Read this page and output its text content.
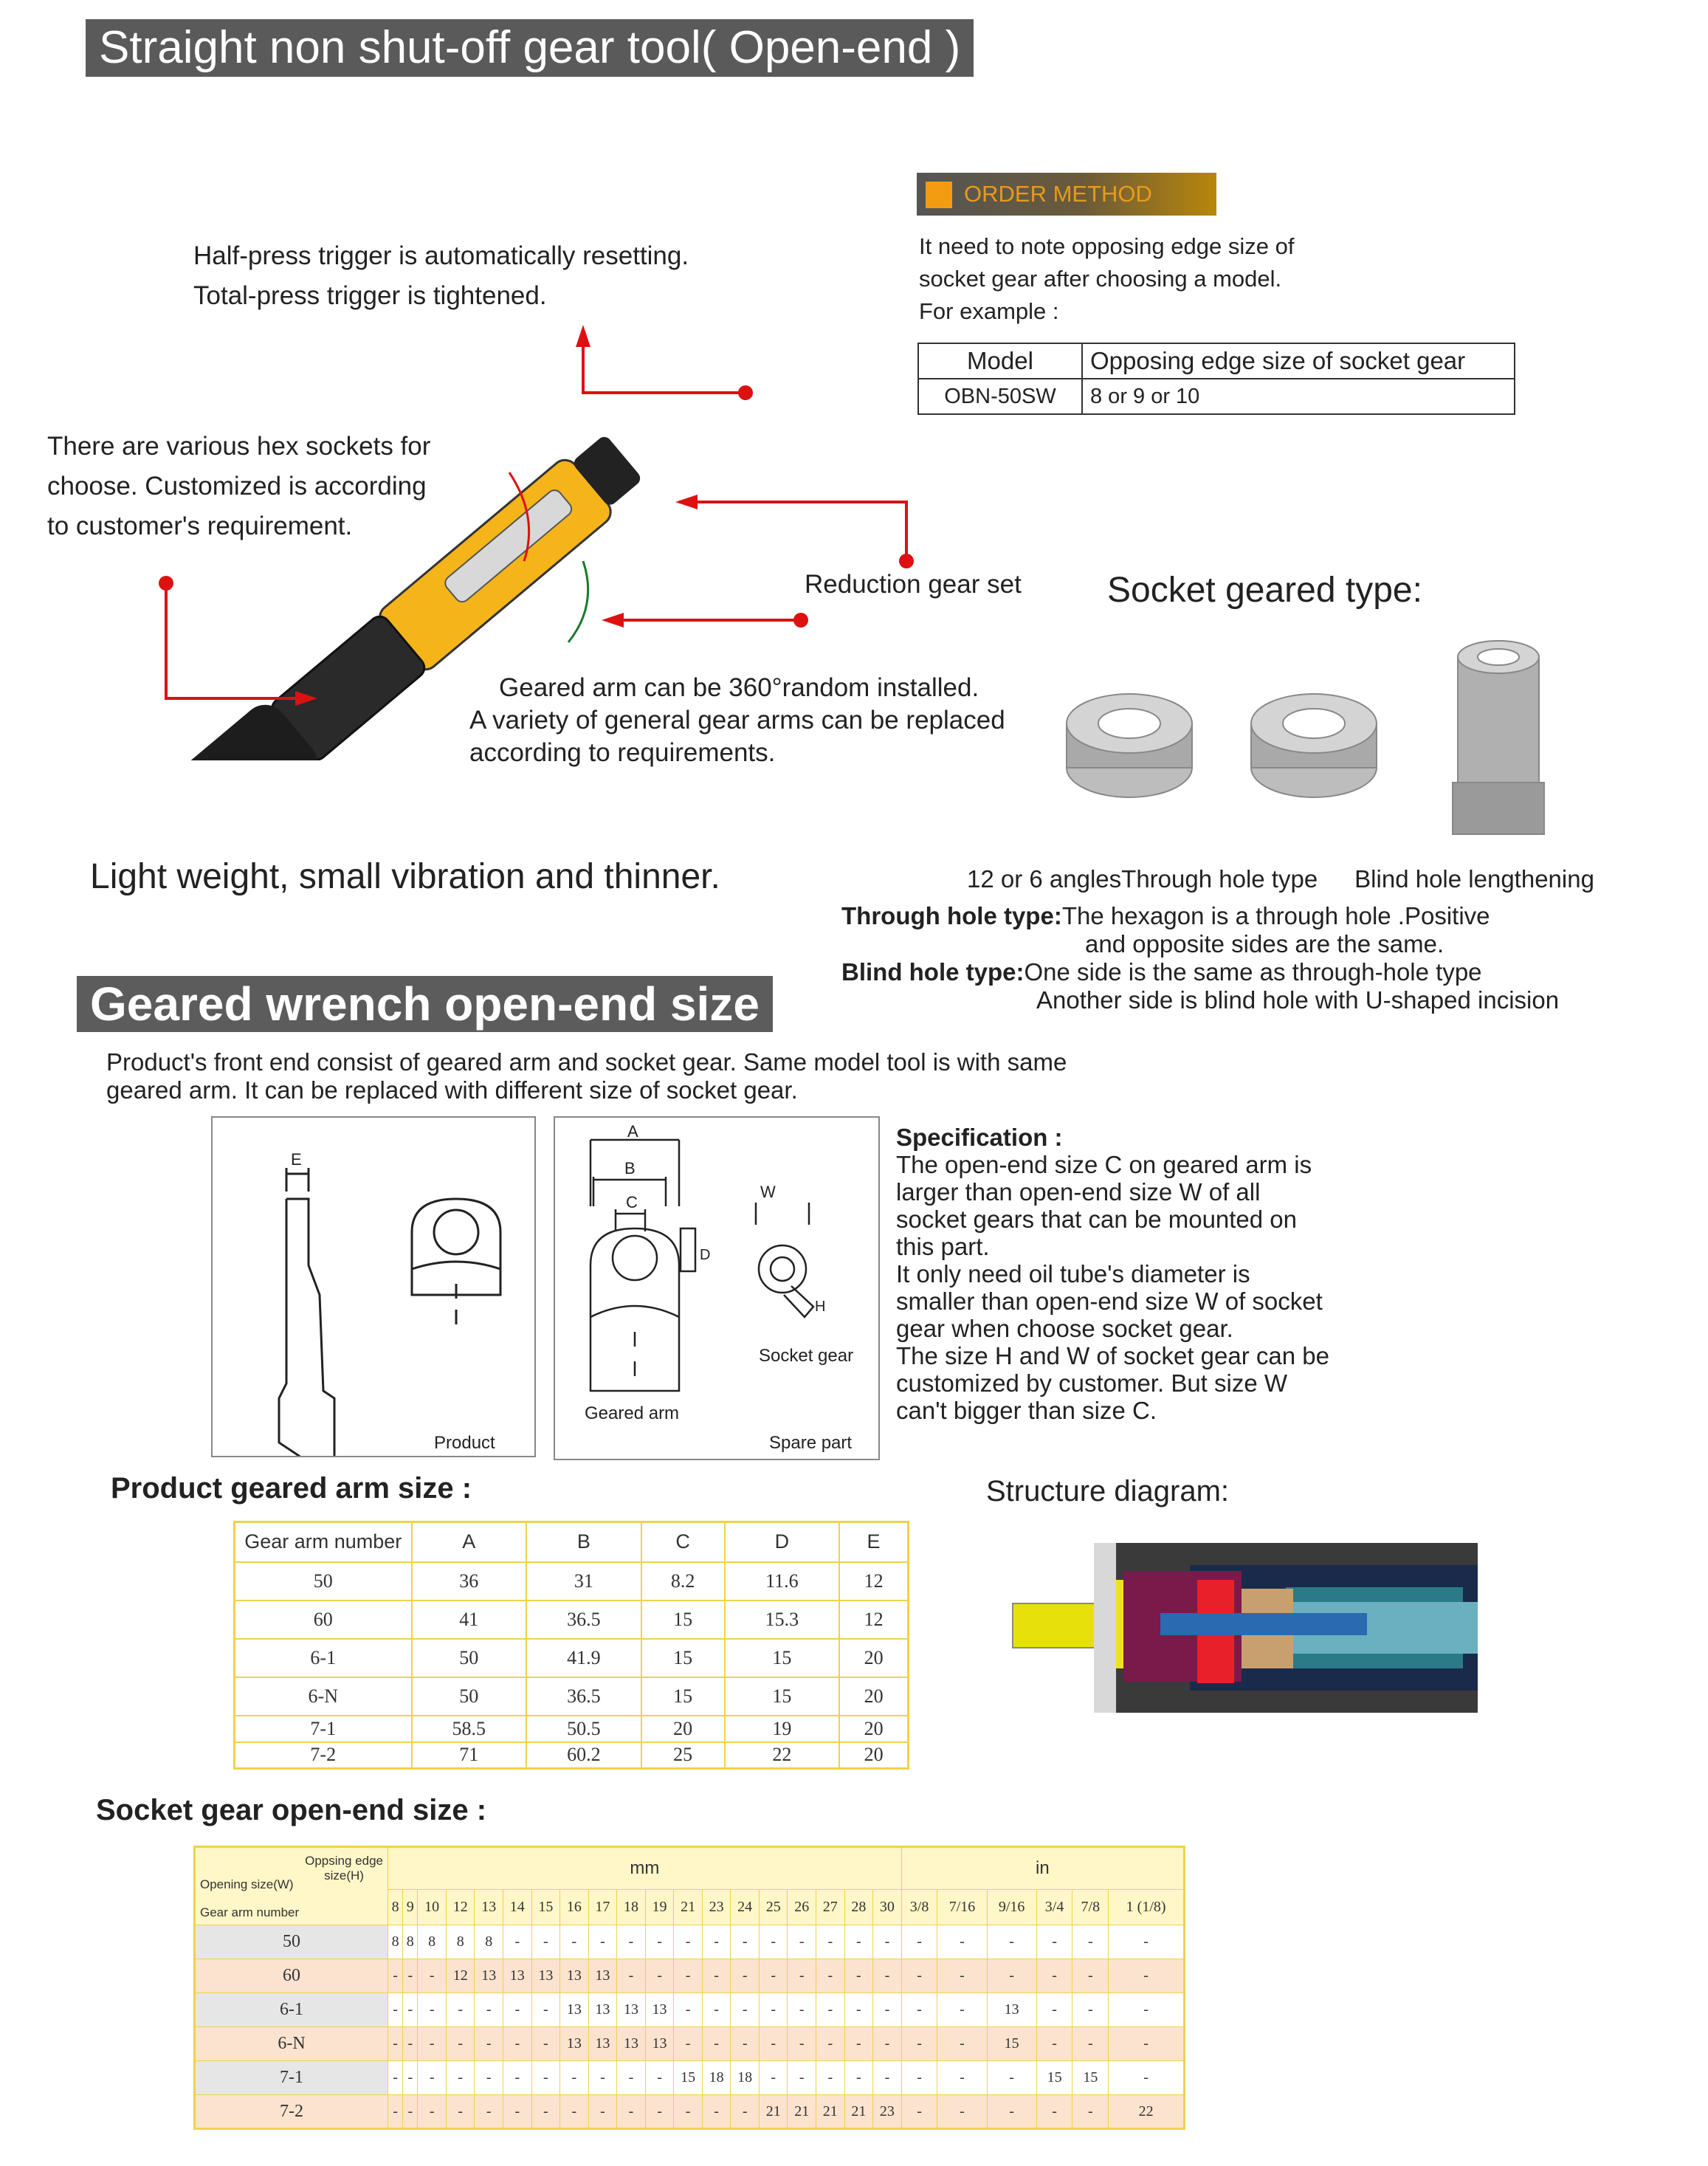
Straight non shut-off gear tool( Open-end )
ORDER METHOD
It need to note opposing edge size of
socket gear after choosing a model.
For example :
Model	Opposing edge size of socket gear
OBN-50SW	8 or 9 or 10
Half-press trigger is automatically resetting.
Total-press trigger is tightened.
There are various hex sockets for
choose. Customized is according
to customer's requirement.
Reduction gear set
Geared arm can be 360°random installed.
A variety of general gear arms can be replaced
according to requirements.
Light weight, small vibration and thinner.
Socket geared type:
12 or 6 anglesThrough hole type Blind hole lengthening
Through hole type:The hexagon is a through hole .Positive
and opposite sides are the same.
Blind hole type:One side is the same as through-hole type
Another side is blind hole with U-shaped incision
Geared wrench open-end size
Product's front end consist of geared arm and socket gear. Same model tool is with same
geared arm. It can be replaced with different size of socket gear.
E
Product
A
B
C
D
W
H
Socket gear
Geared arm
Spare part
Specification :
The open-end size C on geared arm is
larger than open-end size W of all
socket gears that can be mounted on
this part.
It only need oil tube's diameter is
smaller than open-end size W of socket
gear when choose socket gear.
The size H and W of socket gear can be
customized by customer. But size W
can't bigger than size C.
Product geared arm size :
Gear arm number	A	B	C	D	E
50	36	31	8.2	11.6	12
60	41	36.5	15	15.3	12
6-1	50	41.9	15	15	20
6-N	50	36.5	15	15	20
7-1	58.5	50.5	20	19	20
7-2	71	60.2	25	22	20
Structure diagram:
Socket gear open-end size :
Oppsing edge
size(H)
Opening size(W)
Gear arm number	mm																			in					
	8	9	10	12	13	14	15	16	17	18	19	21	23	24	25	26	27	28	30	3/8	7/16	9/16	3/4	7/8	1 (1/8)
50	8	8	8	8	8	-	-	-	-	-	-	-	-	-	-	-	-	-	-	-	-	-	-	-	-
60	-	-	-	12	13	13	13	13	13	-	-	-	-	-	-	-	-	-	-	-	-	-	-	-	-
6-1	-	-	-	-	-	-	-	13	13	13	13	-	-	-	-	-	-	-	-	-	-	13	-	-	-
6-N	-	-	-	-	-	-	-	13	13	13	13	-	-	-	-	-	-	-	-	-	-	15	-	-	-
7-1	-	-	-	-	-	-	-	-	-	-	-	15	18	18	-	-	-	-	-	-	-	-	15	15	-
7-2	-	-	-	-	-	-	-	-	-	-	-	-	-	-	21	21	21	21	23	-	-	-	-	-	22
